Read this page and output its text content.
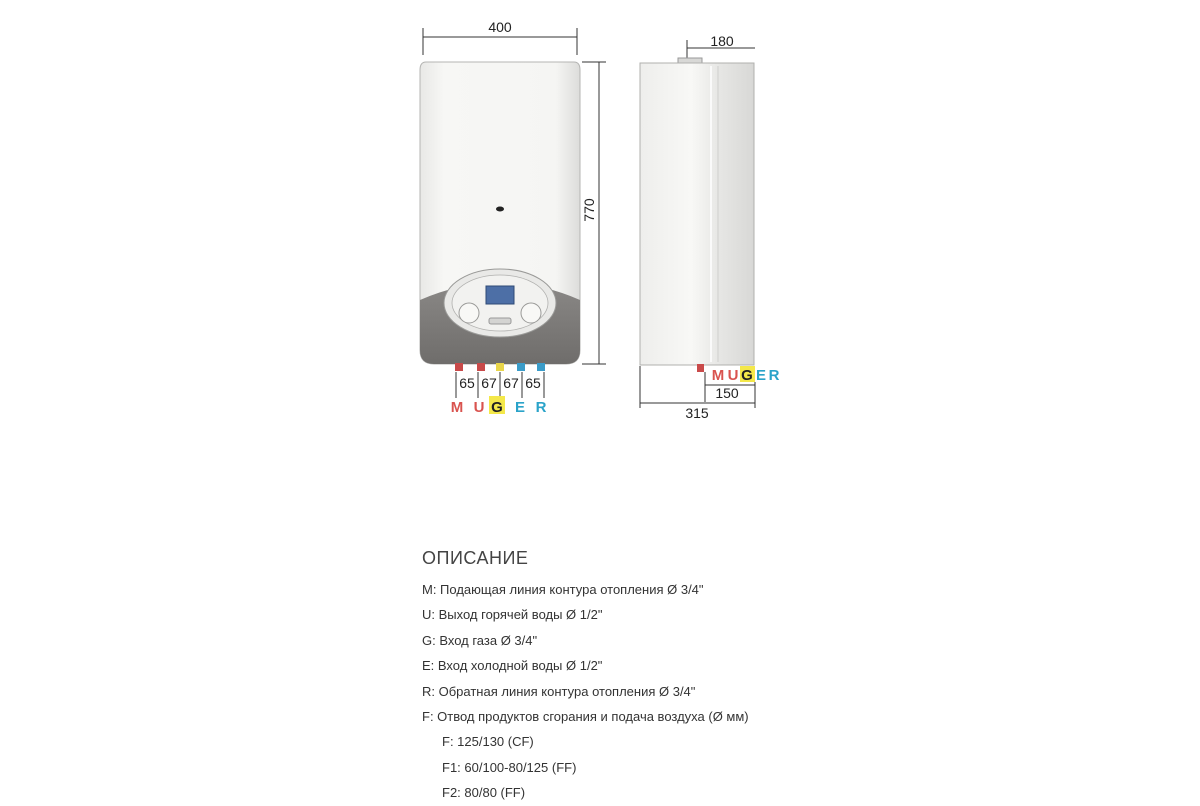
400
770
65 67 67 65
M U G E R
180
M U G E R
150
315
ОПИСАНИЕ
M: Подающая линия контура отопления Ø 3/4"
U: Выход горячей воды Ø 1/2"
G: Вход газа Ø 3/4"
E: Вход холодной воды Ø 1/2"
R: Обратная линия контура отопления Ø 3/4"
F: Отвод продуктов сгорания и подача воздуха (Ø мм)
F: 125/130 (CF)
F1: 60/100-80/125 (FF)
F2: 80/80 (FF)
